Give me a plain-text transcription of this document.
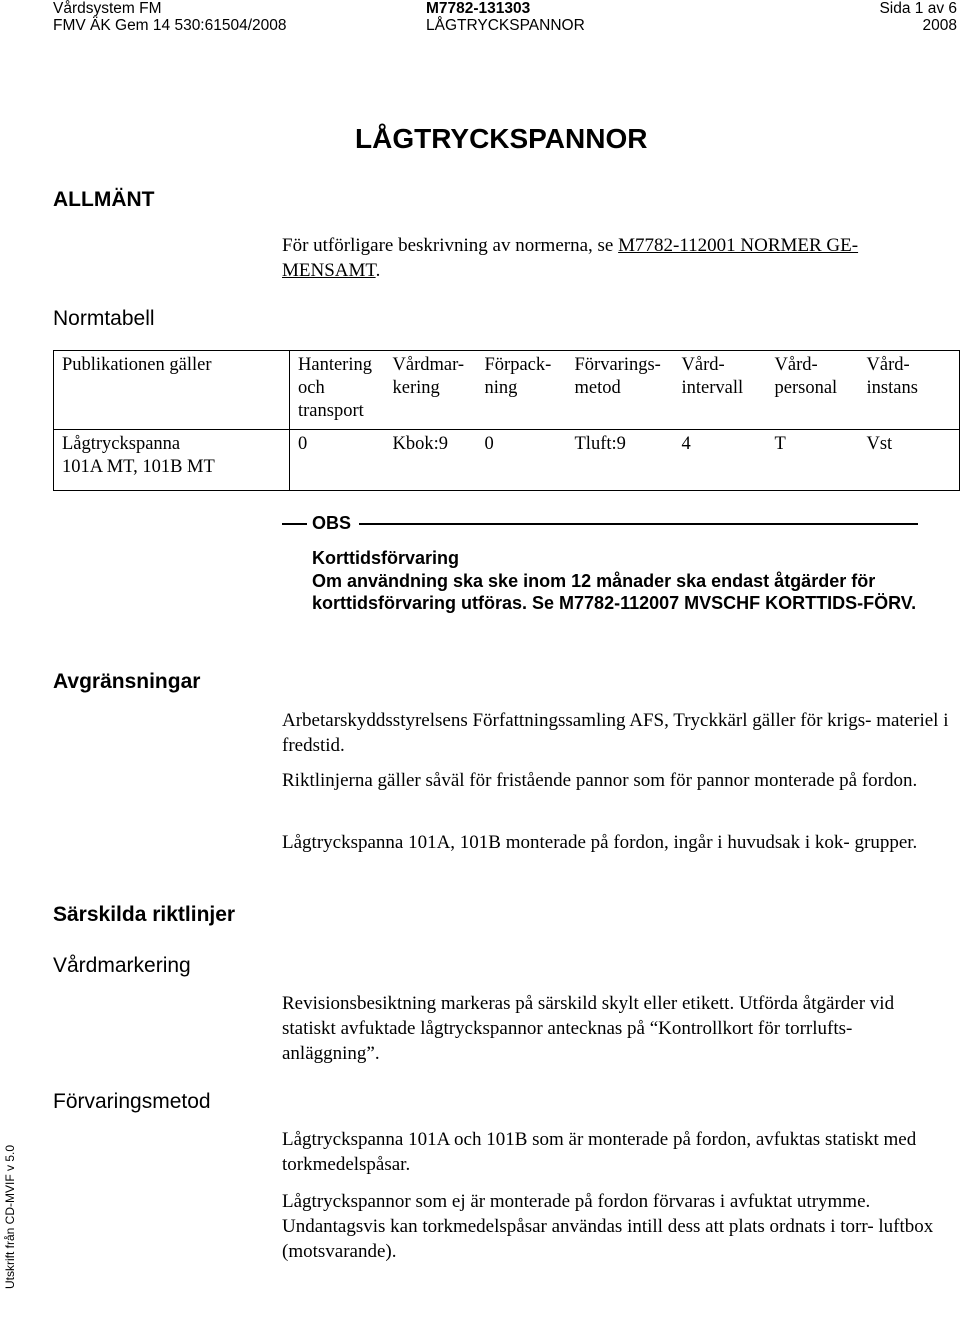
Vårdsystem FM	M7782-131303	Sida 1 av 6
FMV ÄK Gem 14 530:61504/2008	LÅGTRYCKSPANNOR	2008
LÅGTRYCKSPANNOR
ALLMÄNT
För utförligare beskrivning av normerna, se M7782-112001 NORMER GE-
MENSAMT.
Normtabell
Publikationen gäller	Hantering och transport	Vårdmar- kering	Förpack- ning	Förvarings- metod	Vård- intervall	Vård- personal	Vård- instans

Lågtryckspanna
101A MT, 101B MT	0	Kbok:9	0	Tluft:9	4	T	Vst
OBS
Korttidsförvaring
Om användning ska ske inom 12 månader ska endast åtgärder för korttidsförvaring utföras. Se M7782-112007 MVSCHF KORTTIDS-FÖRV.
Avgränsningar
Arbetarskyddsstyrelsens Författningssamling AFS, Tryckkärl gäller för krigs- materiel i fredstid.
Riktlinjerna gäller såväl för fristående pannor som för pannor monterade på fordon.
Lågtryckspanna 101A, 101B monterade på fordon, ingår i huvudsak i kok- grupper.
Särskilda riktlinjer
Vårdmarkering
Revisionsbesiktning markeras på särskild skylt eller etikett. Utförda åtgärder vid statiskt avfuktade lågtryckspannor antecknas på “Kontrollkort för torrlufts- anläggning”.
Förvaringsmetod
Lågtryckspanna 101A och 101B som är monterade på fordon, avfuktas statiskt med torkmedelspåsar.
Lågtryckspannor som ej är monterade på fordon förvaras i avfuktat utrymme. Undantagsvis kan torkmedelspåsar användas intill dess att plats ordnats i torr- luftbox (motsvarande).
Utskrift från CD-MVIF v 5.0
